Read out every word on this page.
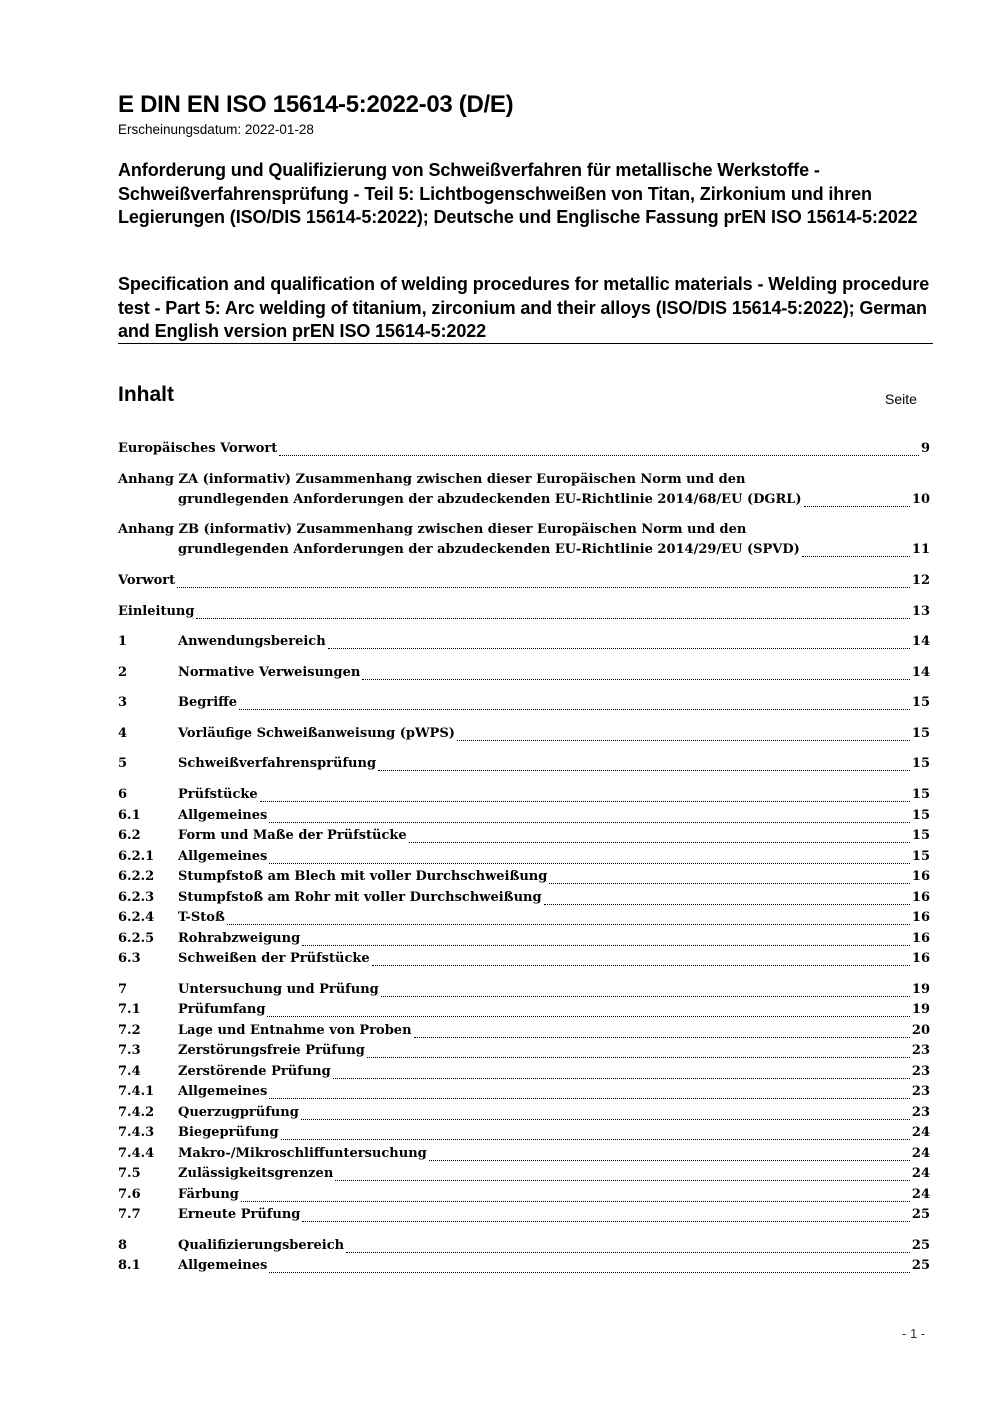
E DIN EN ISO 15614-5:2022-03 (D/E)

Erscheinungsdatum: 2022-01-28

Anforderung und Qualifizierung von Schweißverfahren für metallische Werkstoffe - Schweißverfahrensprüfung - Teil 5: Lichtbogenschweißen von Titan, Zirkonium und ihren Legierungen (ISO/DIS 15614-5:2022); Deutsche und Englische Fassung prEN ISO 15614-5:2022

Specification and qualification of welding procedures for metallic materials - Welding procedure test - Part 5: Arc welding of titanium, zirconium and their alloys (ISO/DIS 15614-5:2022); German and English version prEN ISO 15614-5:2022

Inhalt	Seite
Europäisches Vorwort	9
Anhang ZA (informativ) Zusammenhang zwischen dieser Europäischen Norm und den
grundlegenden Anforderungen der abzudeckenden EU-Richtlinie 2014/68/EU (DGRL)	10
Anhang ZB (informativ) Zusammenhang zwischen dieser Europäischen Norm und den
grundlegenden Anforderungen der abzudeckenden EU-Richtlinie 2014/29/EU (SPVD)	11
Vorwort	12
Einleitung	13
1	Anwendungsbereich	14
2	Normative Verweisungen	14
3	Begriffe	15
4	Vorläufige Schweißanweisung (pWPS)	15
5	Schweißverfahrensprüfung	15
6	Prüfstücke	15
6.1	Allgemeines	15
6.2	Form und Maße der Prüfstücke	15
6.2.1	Allgemeines	15
6.2.2	Stumpfstoß am Blech mit voller Durchschweißung	16
6.2.3	Stumpfstoß am Rohr mit voller Durchschweißung	16
6.2.4	T-Stoß	16
6.2.5	Rohrabzweigung	16
6.3	Schweißen der Prüfstücke	16
7	Untersuchung und Prüfung	19
7.1	Prüfumfang	19
7.2	Lage und Entnahme von Proben	20
7.3	Zerstörungsfreie Prüfung	23
7.4	Zerstörende Prüfung	23
7.4.1	Allgemeines	23
7.4.2	Querzugprüfung	23
7.4.3	Biegeprüfung	24
7.4.4	Makro-/Mikroschliffuntersuchung	24
7.5	Zulässigkeitsgrenzen	24
7.6	Färbung	24
7.7	Erneute Prüfung	25
8	Qualifizierungsbereich	25
8.1	Allgemeines	25
- 1 -
